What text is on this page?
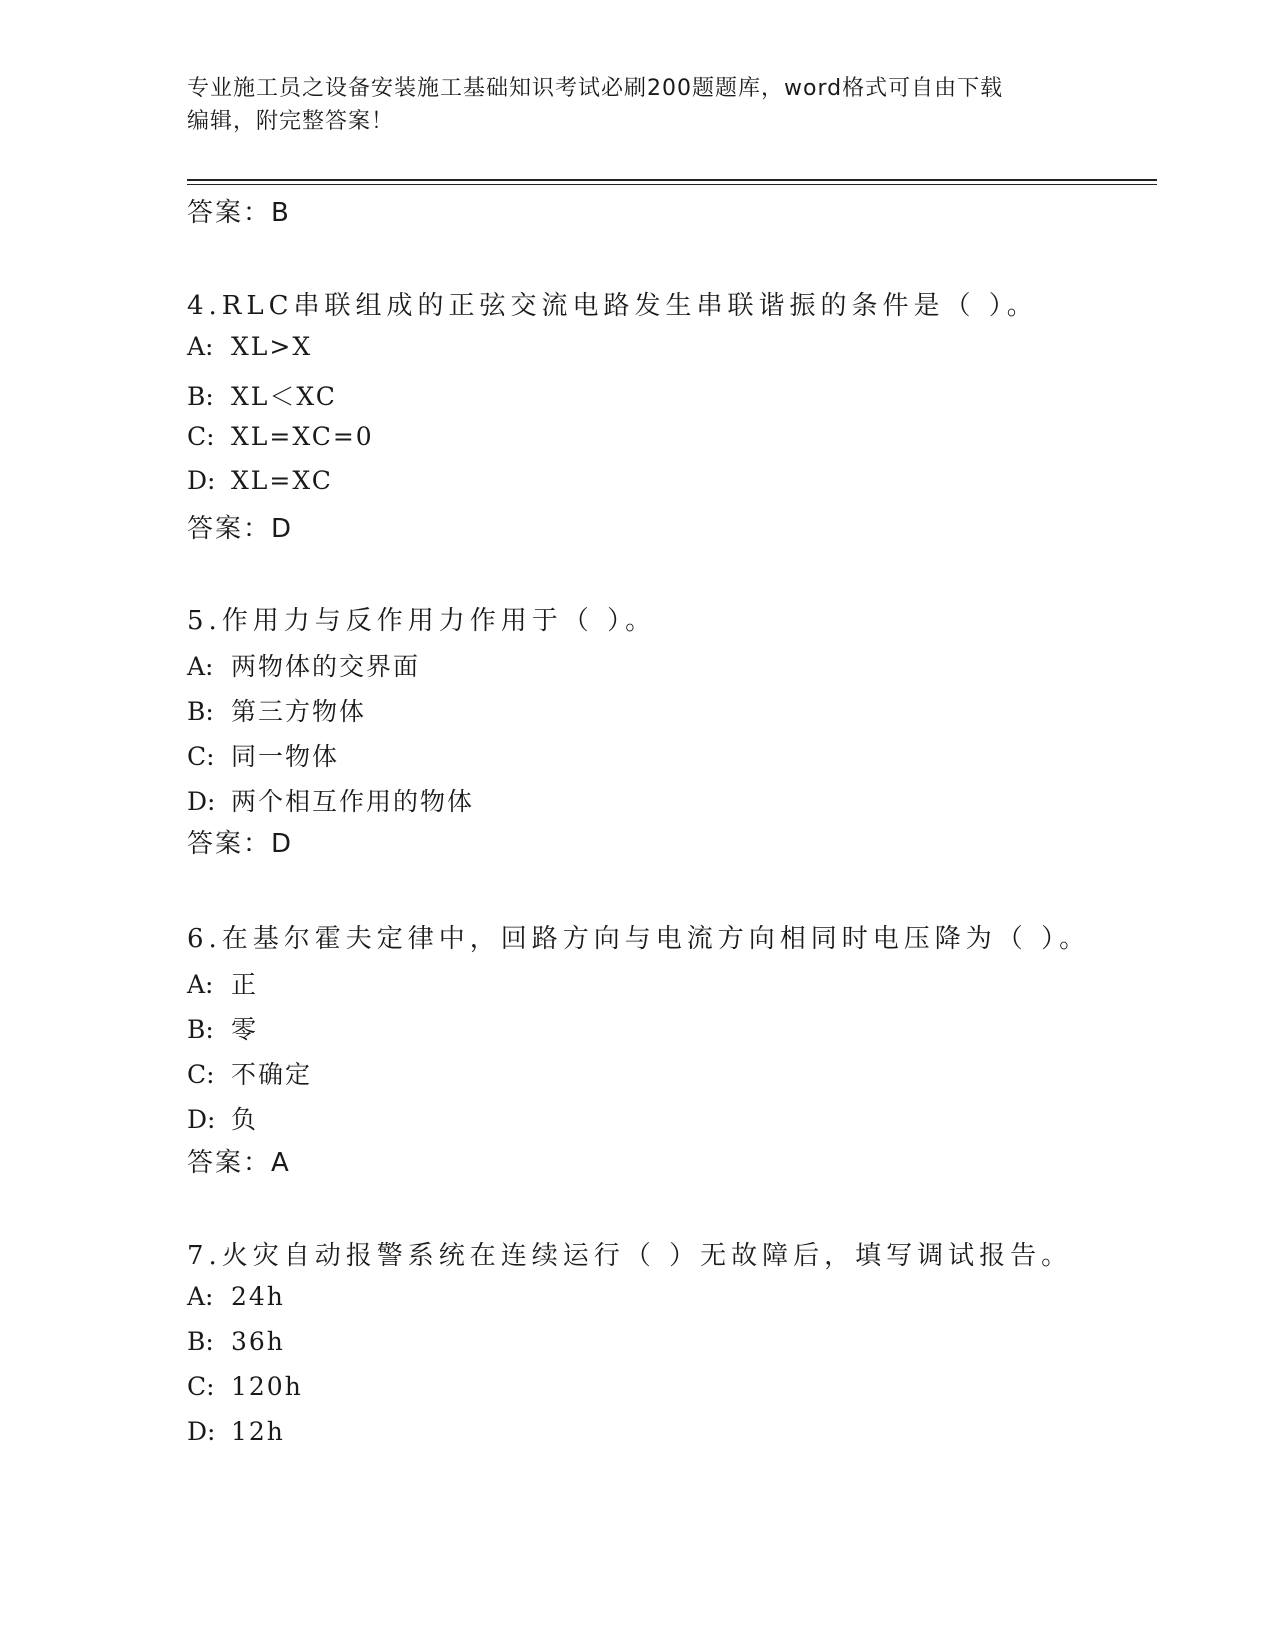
专业施工员之设备安装施工基础知识考试必刷200题题库，word格式可自由下载
编辑，附完整答案！
答案：B
4.RLC串联组成的正弦交流电路发生串联谐振的条件是（ ）。
A: XL>X
B: XL＜XC
C: XL=XC=0
D: XL=XC
答案：D
5.作用力与反作用力作用于（ ）。
A: 两物体的交界面
B: 第三方物体
C: 同一物体
D: 两个相互作用的物体
答案：D
6.在基尔霍夫定律中，回路方向与电流方向相同时电压降为（ ）。
A: 正
B: 零
C: 不确定
D: 负
答案：A
7.火灾自动报警系统在连续运行（ ）无故障后，填写调试报告。
A: 24h
B: 36h
C: 120h
D: 12h
